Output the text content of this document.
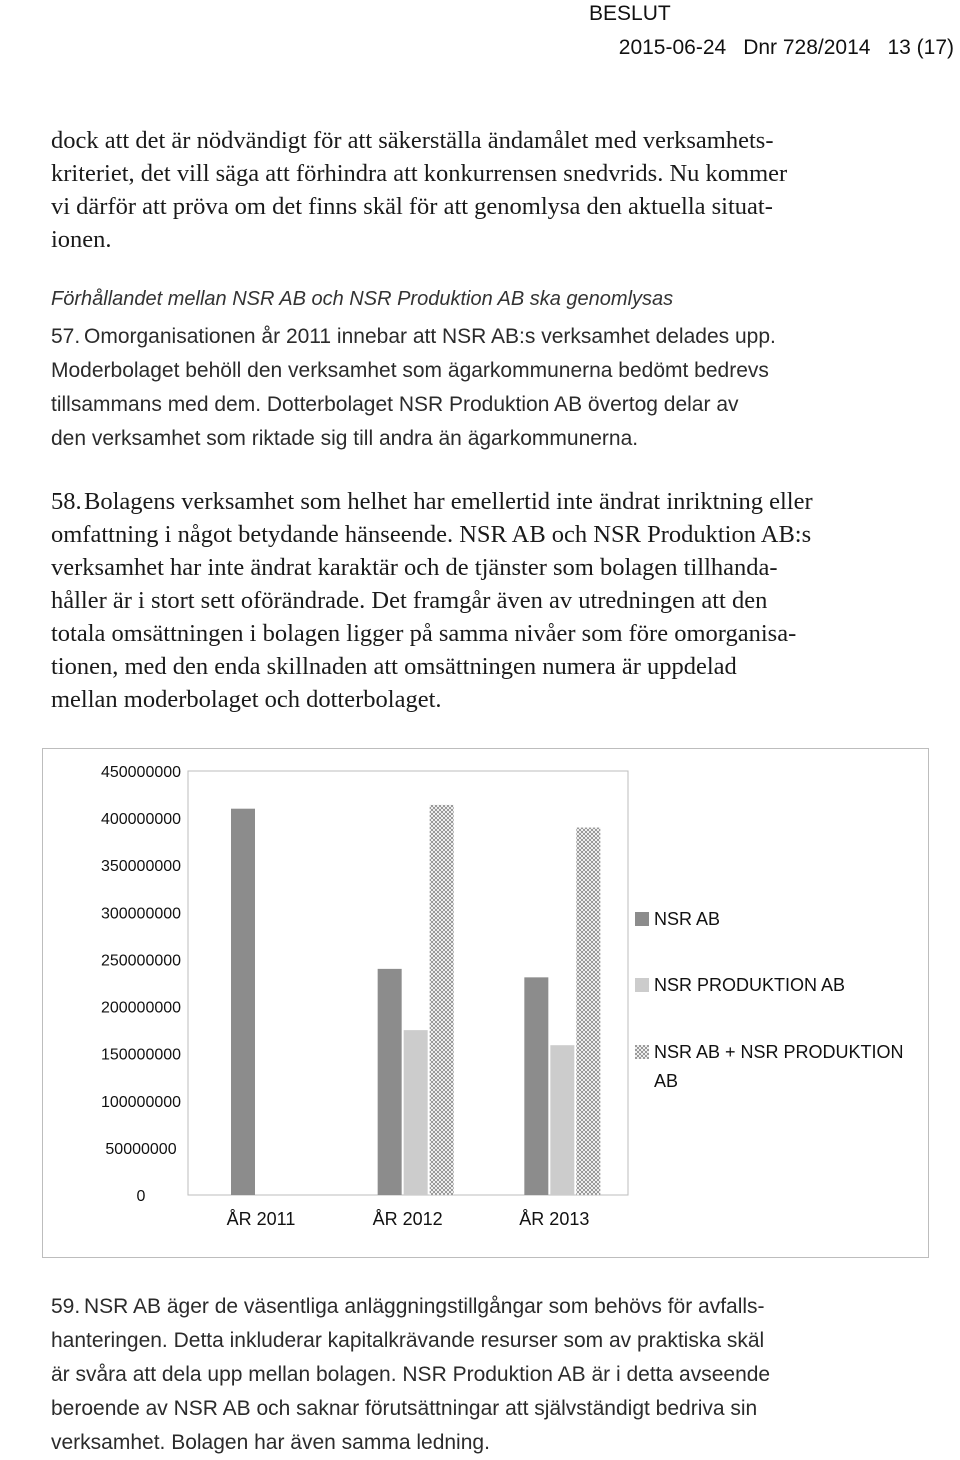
BESLUT
2015-06-24 Dnr 728/2014 13 (17)
dock att det är nödvändigt för att säkerställa ändamålet med verksamhets-
kriteriet, det vill säga att förhindra att konkurrensen snedvrids. Nu kommer
vi därför att pröva om det finns skäl för att genomlysa den aktuella situat-
ionen.
Förhållandet mellan NSR AB och NSR Produktion AB ska genomlysas
57. Omorganisationen år 2011 innebar att NSR AB:s verksamhet delades upp.
Moderbolaget behöll den verksamhet som ägarkommunerna bedömt bedrevs
tillsammans med dem. Dotterbolaget NSR Produktion AB övertog delar av
den verksamhet som riktade sig till andra än ägarkommunerna.
58.Bolagens verksamhet som helhet har emellertid inte ändrat inriktning eller
omfattning i något betydande hänseende. NSR AB och NSR Produktion AB:s
verksamhet har inte ändrat karaktär och de tjänster som bolagen tillhanda-
håller är i stort sett oförändrade. Det framgår även av utredningen att den
totala omsättningen i bolagen ligger på samma nivåer som före omorganisa-
tionen, med den enda skillnaden att omsättningen numera är uppdelad
mellan moderbolaget och dotterbolaget.
0
50000000
100000000
150000000
200000000
250000000
300000000
350000000
400000000
450000000
ÅR 2011	ÅR 2012	ÅR 2013
NSR AB
NSR PRODUKTION AB
NSR AB + NSR PRODUKTION
AB
59. NSR AB äger de väsentliga anläggningstillgångar som behövs för avfalls-
hanteringen. Detta inkluderar kapitalkrävande resurser som av praktiska skäl
är svåra att dela upp mellan bolagen. NSR Produktion AB är i detta avseende
beroende av NSR AB och saknar förutsättningar att självständigt bedriva sin
verksamhet. Bolagen har även samma ledning.
